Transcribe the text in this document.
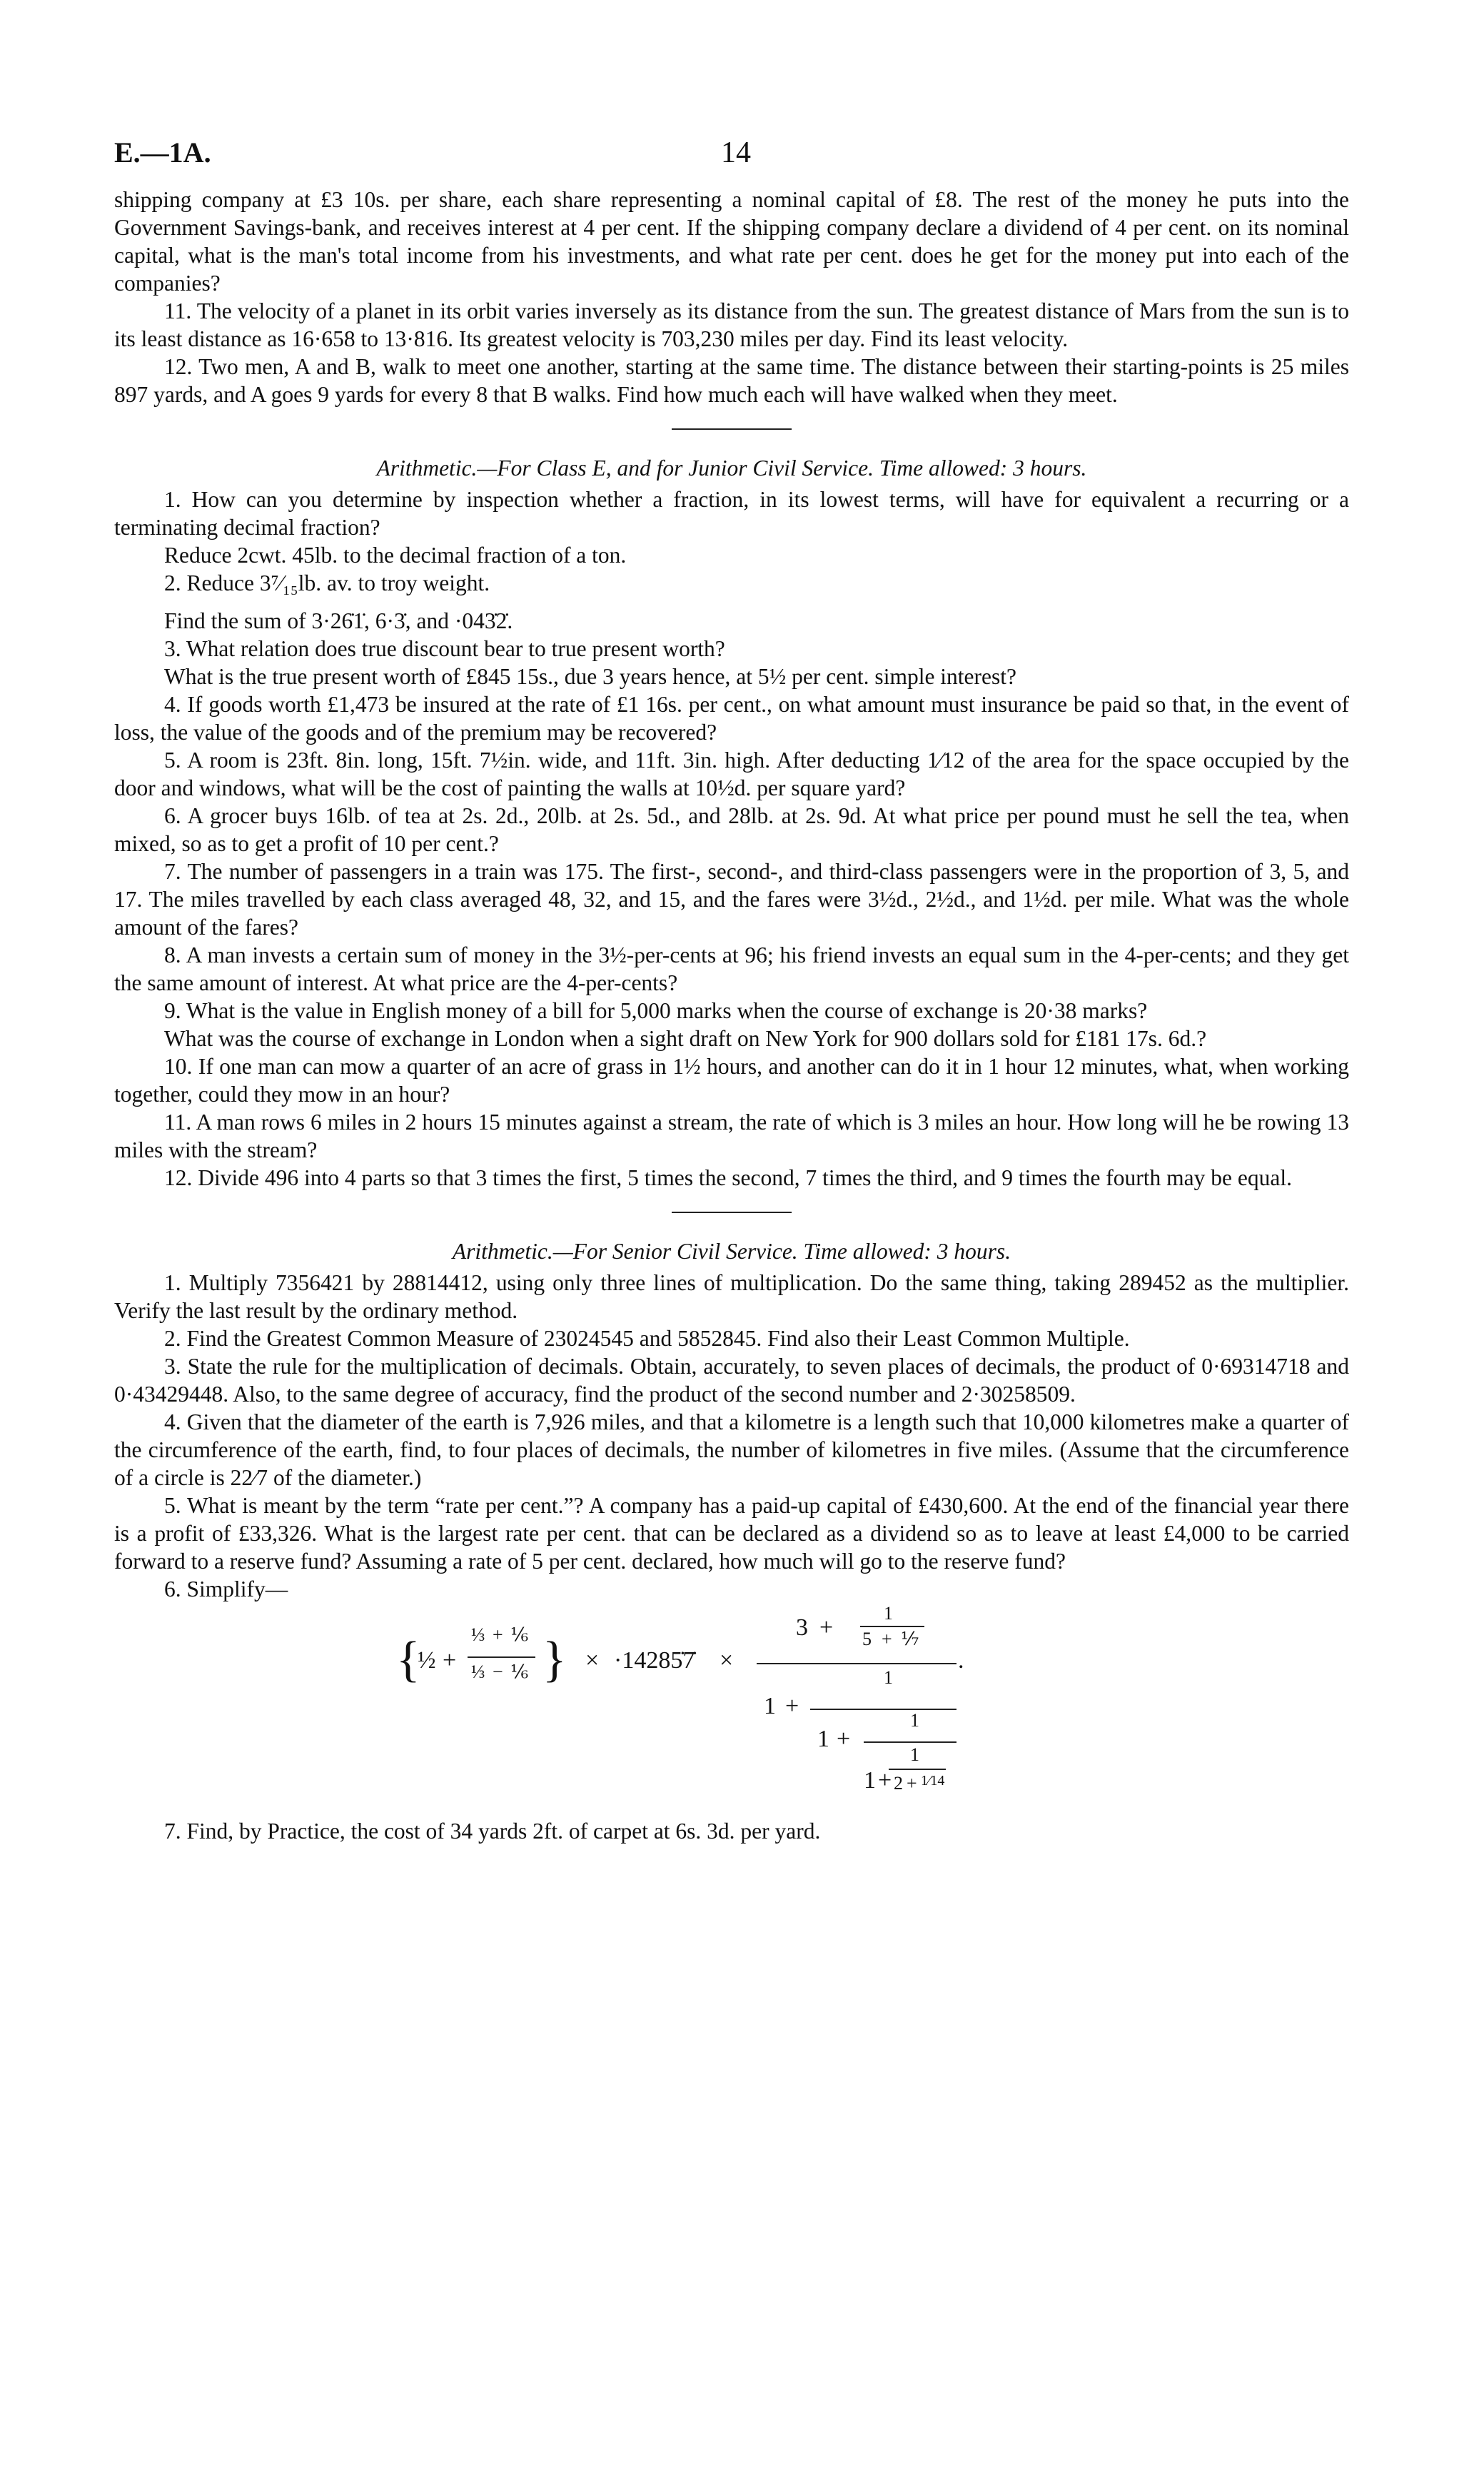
E.—1A.	14

shipping company at £3 10s. per share, each share representing a nominal capital of £8. The rest of the money he puts into the Government Savings-bank, and receives interest at 4 per cent. If the shipping company declare a dividend of 4 per cent. on its nominal capital, what is the man's total income from his investments, and what rate per cent. does he get for the money put into each of the companies?

11. The velocity of a planet in its orbit varies inversely as its distance from the sun. The greatest distance of Mars from the sun is to its least distance as 16·658 to 13·816. Its greatest velocity is 703,230 miles per day. Find its least velocity.

12. Two men, A and B, walk to meet one another, starting at the same time. The distance between their starting-points is 25 miles 897 yards, and A goes 9 yards for every 8 that B walks. Find how much each will have walked when they meet.

Arithmetic.—For Class E, and for Junior Civil Service. Time allowed: 3 hours.

1. How can you determine by inspection whether a fraction, in its lowest terms, will have for equivalent a recurring or a terminating decimal fraction?

Reduce 2cwt. 45lb. to the decimal fraction of a ton.

2. Reduce 3⁷⁄₁₅lb. av. to troy weight.

Find the sum of 3·26̇1̇, 6·3̇, and ·043̇2̇.

3. What relation does true discount bear to true present worth?

What is the true present worth of £845 15s., due 3 years hence, at 5½ per cent. simple interest?

4. If goods worth £1,473 be insured at the rate of £1 16s. per cent., on what amount must insurance be paid so that, in the event of loss, the value of the goods and of the premium may be recovered?

5. A room is 23ft. 8in. long, 15ft. 7½in. wide, and 11ft. 3in. high. After deducting 1⁄12 of the area for the space occupied by the door and windows, what will be the cost of painting the walls at 10½d. per square yard?

6. A grocer buys 16lb. of tea at 2s. 2d., 20lb. at 2s. 5d., and 28lb. at 2s. 9d. At what price per pound must he sell the tea, when mixed, so as to get a profit of 10 per cent.?

7. The number of passengers in a train was 175. The first-, second-, and third-class passengers were in the proportion of 3, 5, and 17. The miles travelled by each class averaged 48, 32, and 15, and the fares were 3½d., 2½d., and 1½d. per mile. What was the whole amount of the fares?

8. A man invests a certain sum of money in the 3½-per-cents at 96; his friend invests an equal sum in the 4-per-cents; and they get the same amount of interest. At what price are the 4-per-cents?

9. What is the value in English money of a bill for 5,000 marks when the course of exchange is 20·38 marks?

What was the course of exchange in London when a sight draft on New York for 900 dollars sold for £181 17s. 6d.?

10. If one man can mow a quarter of an acre of grass in 1½ hours, and another can do it in 1 hour 12 minutes, what, when working together, could they mow in an hour?

11. A man rows 6 miles in 2 hours 15 minutes against a stream, the rate of which is 3 miles an hour. How long will he be rowing 13 miles with the stream?

12. Divide 496 into 4 parts so that 3 times the first, 5 times the second, 7 times the third, and 9 times the fourth may be equal.

Arithmetic.—For Senior Civil Service. Time allowed: 3 hours.

1. Multiply 7356421 by 28814412, using only three lines of multiplication. Do the same thing, taking 289452 as the multiplier. Verify the last result by the ordinary method.

2. Find the Greatest Common Measure of 23024545 and 5852845. Find also their Least Common Multiple.

3. State the rule for the multiplication of decimals. Obtain, accurately, to seven places of decimals, the product of 0·69314718 and 0·43429448. Also, to the same degree of accuracy, find the product of the second number and 2·30258509.

4. Given that the diameter of the earth is 7,926 miles, and that a kilometre is a length such that 10,000 kilometres make a quarter of the circumference of the earth, find, to four places of decimals, the number of kilometres in five miles. (Assume that the circumference of a circle is 22⁄7 of the diameter.)

5. What is meant by the term “rate per cent.”? A company has a paid-up capital of £430,600. At the end of the financial year there is a profit of £33,326. What is the largest rate per cent. that can be declared as a dividend so as to leave at least £4,000 to be carried forward to a reserve fund? Assuming a rate of 5 per cent. declared, how much will go to the reserve fund?

6. Simplify—

{
½ +
⅓ + ⅙
⅓ − ⅙ } × ·14285̇7̇ ×
1
3 + 5 + ⅐
.
1
1 +
1
1 +
1
1 + 2 + 1⁄14

7. Find, by Practice, the cost of 34 yards 2ft. of carpet at 6s. 3d. per yard.
